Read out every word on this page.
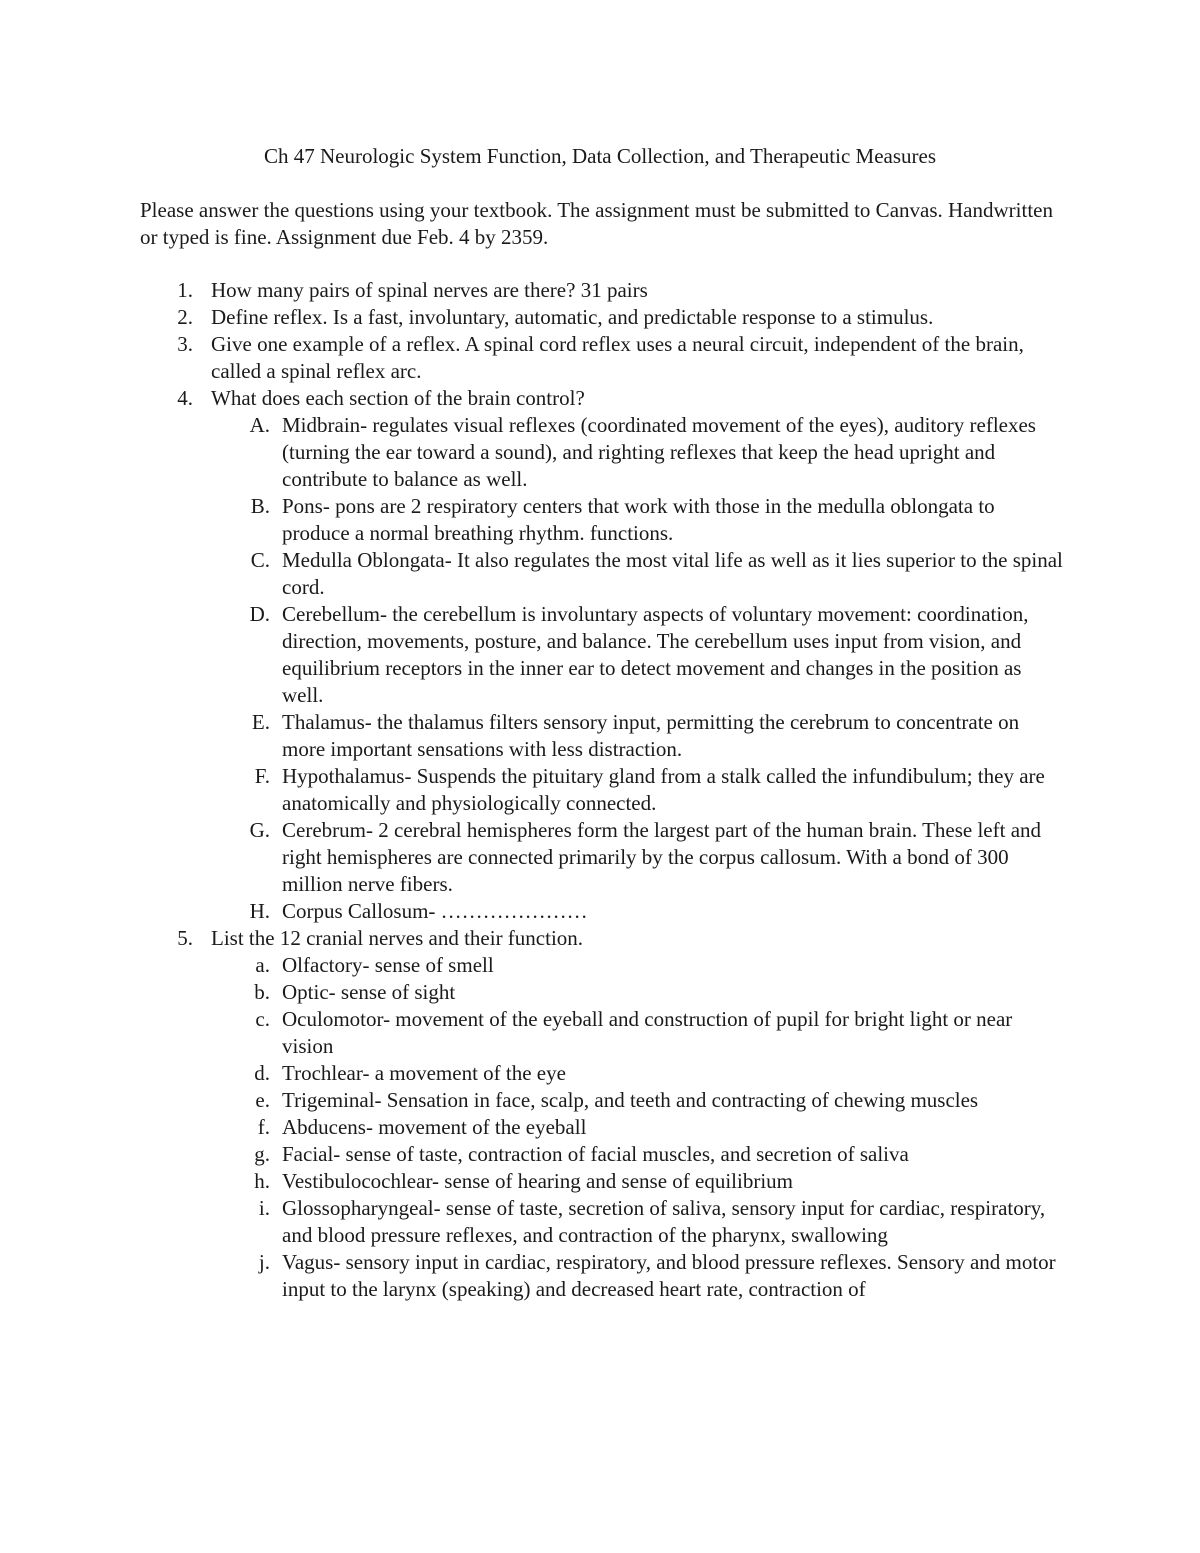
Ch 47 Neurologic System Function, Data Collection, and Therapeutic Measures

Please answer the questions using your textbook. The assignment must be submitted to Canvas. Handwritten or typed is fine. Assignment due Feb. 4 by 2359.

1. How many pairs of spinal nerves are there? 31 pairs
2. Define reflex. Is a fast, involuntary, automatic, and predictable response to a stimulus.
3. Give one example of a reflex. A spinal cord reflex uses a neural circuit, independent of the brain, called a spinal reflex arc.
4. What does each section of the brain control?
A. Midbrain- regulates visual reflexes (coordinated movement of the eyes), auditory reflexes (turning the ear toward a sound), and righting reflexes that keep the head upright and contribute to balance as well.
B. Pons- pons are 2 respiratory centers that work with those in the medulla oblongata to produce a normal breathing rhythm. functions.
C. Medulla Oblongata- It also regulates the most vital life as well as it lies superior to the spinal cord.
D. Cerebellum- the cerebellum is involuntary aspects of voluntary movement: coordination, direction, movements, posture, and balance. The cerebellum uses input from vision, and equilibrium receptors in the inner ear to detect movement and changes in the position as well.
E. Thalamus- the thalamus filters sensory input, permitting the cerebrum to concentrate on more important sensations with less distraction.
F. Hypothalamus- Suspends the pituitary gland from a stalk called the infundibulum; they are anatomically and physiologically connected.
G. Cerebrum- 2 cerebral hemispheres form the largest part of the human brain. These left and right hemispheres are connected primarily by the corpus callosum. With a bond of 300 million nerve fibers.
H. Corpus Callosum- …………………
5. List the 12 cranial nerves and their function.
a. Olfactory- sense of smell
b. Optic- sense of sight
c. Oculomotor- movement of the eyeball and construction of pupil for bright light or near vision
d. Trochlear- a movement of the eye
e. Trigeminal- Sensation in face, scalp, and teeth and contracting of chewing muscles
f. Abducens- movement of the eyeball
g. Facial- sense of taste, contraction of facial muscles, and secretion of saliva
h. Vestibulocochlear- sense of hearing and sense of equilibrium
i. Glossopharyngeal- sense of taste, secretion of saliva, sensory input for cardiac, respiratory, and blood pressure reflexes, and contraction of the pharynx, swallowing
j. Vagus- sensory input in cardiac, respiratory, and blood pressure reflexes. Sensory and motor input to the larynx (speaking) and decreased heart rate, contraction of
